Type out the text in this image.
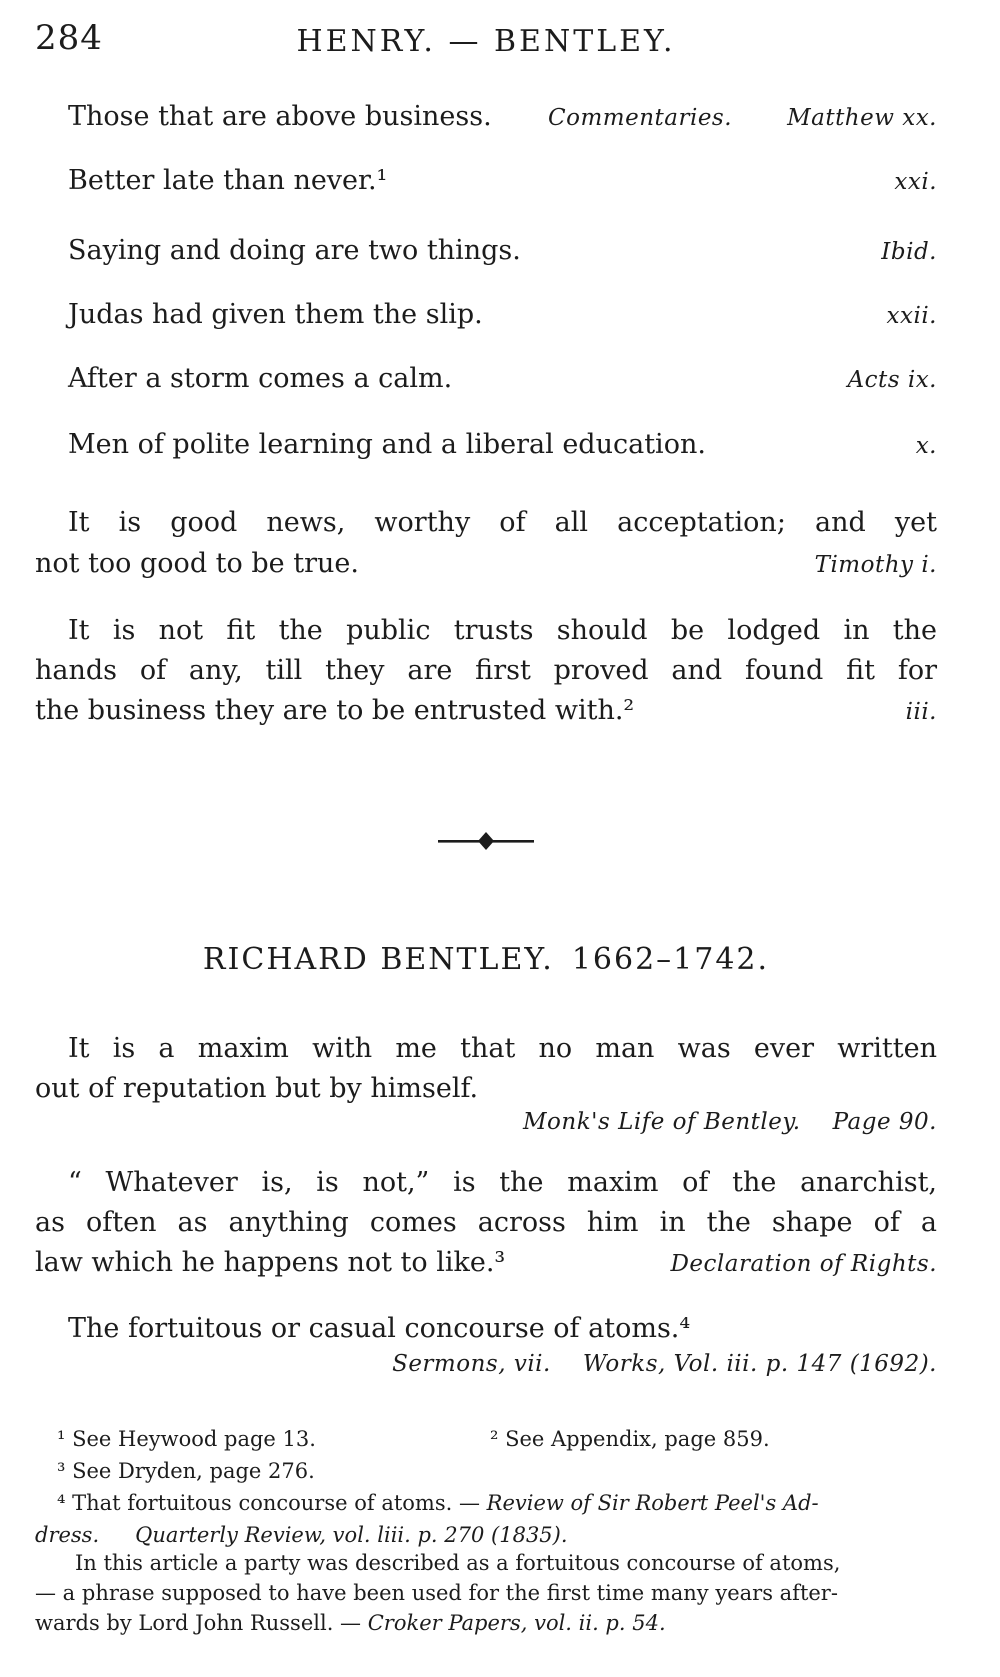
284	HENRY. — BENTLEY.
Those that are above business. Commentaries. Matthew xx.
Better late than never.¹	xxi.
Saying and doing are two things.	Ibid.
Judas had given them the slip.	xxii.
After a storm comes a calm.	Acts ix.
Men of polite learning and a liberal education.	x.
It is good news, worthy of all acceptation; and yet
not too good to be true.	Timothy i.
It is not fit the public trusts should be lodged in the
hands of any, till they are first proved and found fit for
the business they are to be entrusted with.²	iii.
RICHARD BENTLEY. 1662–1742.
It is a maxim with me that no man was ever written
out of reputation but by himself.
Monk's Life of Bentley. Page 90.
“ Whatever is, is not,” is the maxim of the anarchist,
as often as anything comes across him in the shape of a
law which he happens not to like.³	Declaration of Rights.
The fortuitous or casual concourse of atoms.⁴
Sermons, vii. Works, Vol. iii. p. 147 (1692).
¹ See Heywood page 13.	² See Appendix, page 859.
³ See Dryden, page 276.
⁴ That fortuitous concourse of atoms. — Review of Sir Robert Peel's Ad-
dress. Quarterly Review, vol. liii. p. 270 (1835).
In this article a party was described as a fortuitous concourse of atoms,
— a phrase supposed to have been used for the first time many years after-
wards by Lord John Russell. — Croker Papers, vol. ii. p. 54.
